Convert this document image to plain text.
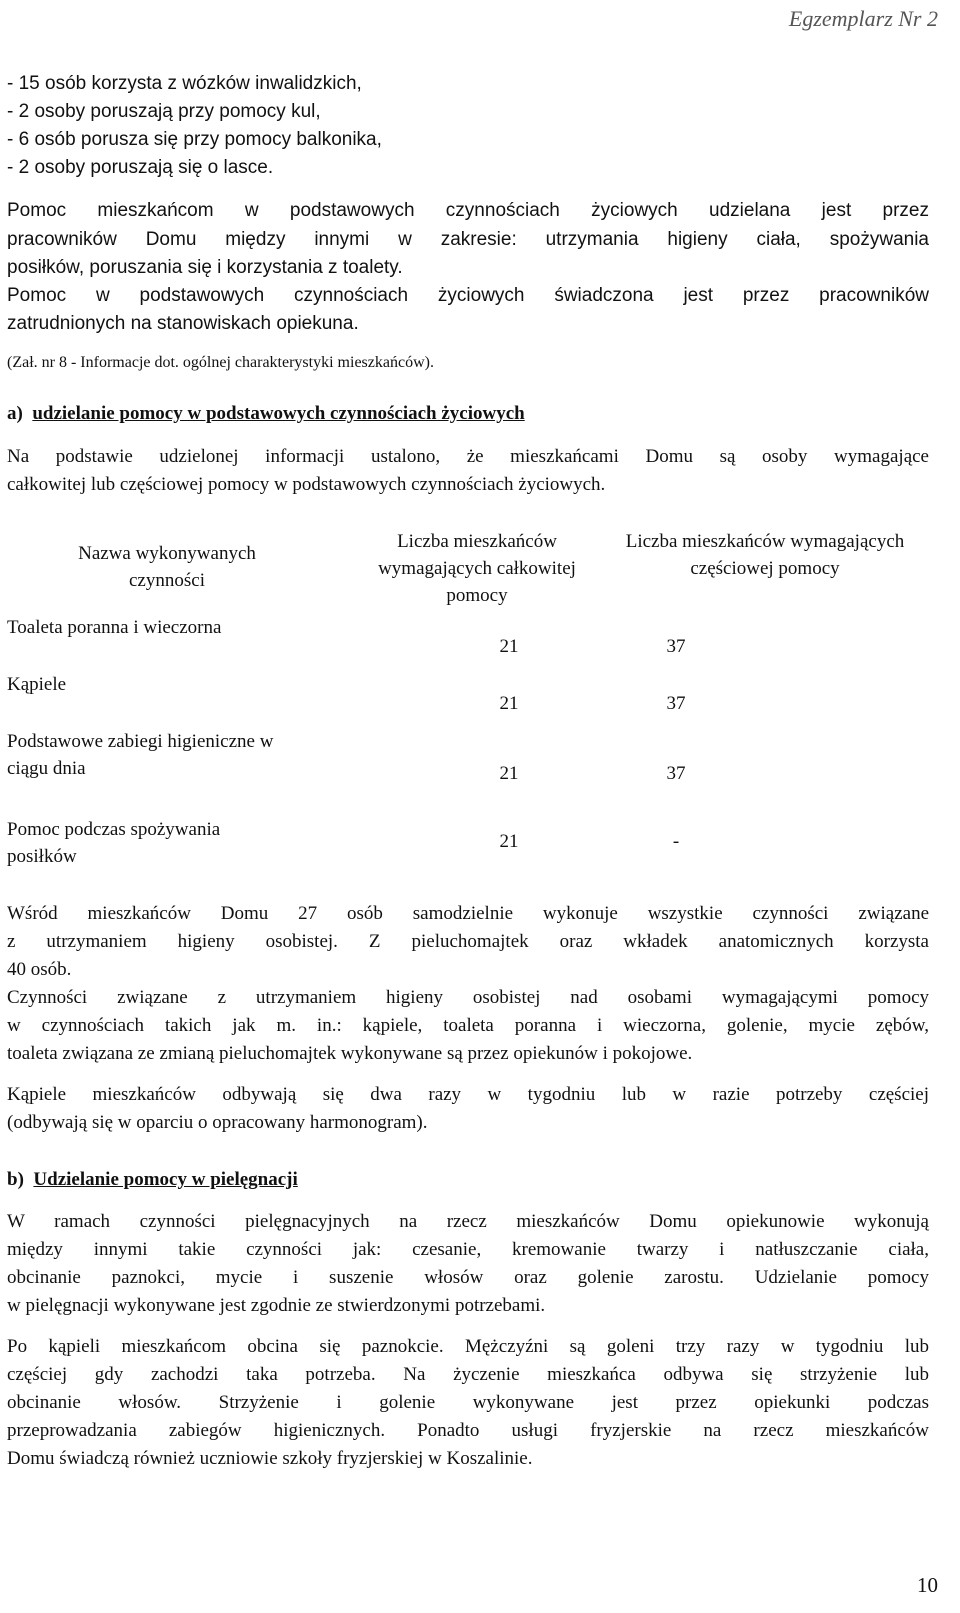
Egzemplarz Nr 2
- 15 osób korzysta z wózków inwalidzkich,
- 2 osoby poruszają przy pomocy kul,
- 6 osób porusza się przy pomocy balkonika,
- 2 osoby poruszają się o lasce.
Pomoc mieszkańcom w podstawowych czynnościach życiowych udzielana jest przez
pracowników Domu między innymi w zakresie: utrzymania higieny ciała, spożywania
posiłków, poruszania się i korzystania z toalety.
Pomoc w podstawowych czynnościach życiowych świadczona jest przez pracowników
zatrudnionych na stanowiskach opiekuna.
(Zał. nr 8 - Informacje dot. ogólnej charakterystyki mieszkańców).
a) udzielanie pomocy w podstawowych czynnościach życiowych
Na podstawie udzielonej informacji ustalono, że mieszkańcami Domu są osoby wymagające
całkowitej lub częściowej pomocy w podstawowych czynnościach życiowych.
Nazwa wykonywanych czynności	Liczba mieszkańców wymagających całkowitej pomocy	Liczba mieszkańców wymagających częściowej pomocy

Toaleta poranna i wieczorna	21	37
Kąpiele	21	37
Podstawowe zabiegi higieniczne w ciągu dnia	21	37
Pomoc podczas spożywania posiłków	21	-
Wśród mieszkańców Domu 27 osób samodzielnie wykonuje wszystkie czynności związane
z utrzymaniem higieny osobistej. Z pieluchomajtek oraz wkładek anatomicznych korzysta
40 osób.
Czynności związane z utrzymaniem higieny osobistej nad osobami wymagającymi pomocy
w czynnościach takich jak m. in.: kąpiele, toaleta poranna i wieczorna, golenie, mycie zębów,
toaleta związana ze zmianą pieluchomajtek wykonywane są przez opiekunów i pokojowe.
Kąpiele mieszkańców odbywają się dwa razy w tygodniu lub w razie potrzeby częściej
(odbywają się w oparciu o opracowany harmonogram).
b) Udzielanie pomocy w pielęgnacji
W ramach czynności pielęgnacyjnych na rzecz mieszkańców Domu opiekunowie wykonują
między innymi takie czynności jak: czesanie, kremowanie twarzy i natłuszczanie ciała,
obcinanie paznokci, mycie i suszenie włosów oraz golenie zarostu. Udzielanie pomocy
w pielęgnacji wykonywane jest zgodnie ze stwierdzonymi potrzebami.
Po kąpieli mieszkańcom obcina się paznokcie. Mężczyźni są goleni trzy razy w tygodniu lub
częściej gdy zachodzi taka potrzeba. Na życzenie mieszkańca odbywa się strzyżenie lub
obcinanie włosów. Strzyżenie i golenie wykonywane jest przez opiekunki podczas
przeprowadzania zabiegów higienicznych. Ponadto usługi fryzjerskie na rzecz mieszkańców
Domu świadczą również uczniowie szkoły fryzjerskiej w Koszalinie.
10
